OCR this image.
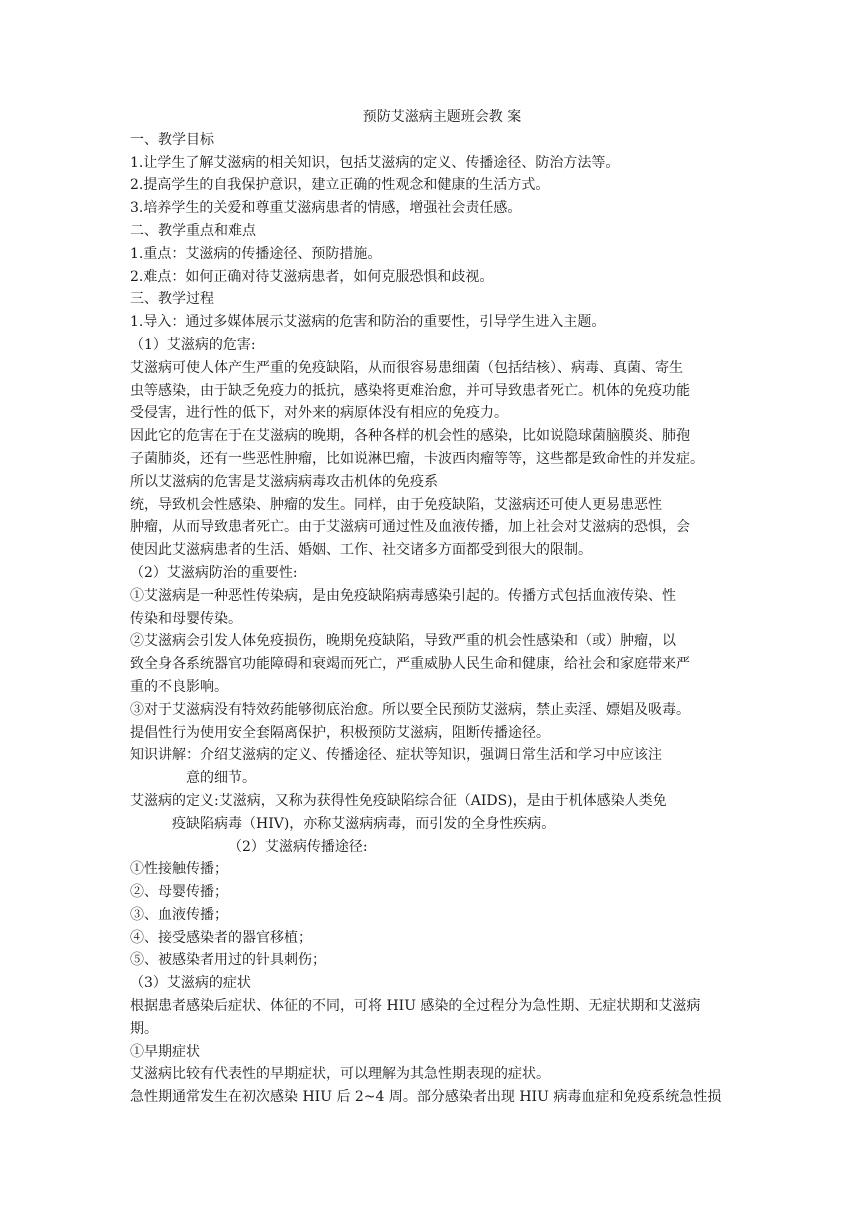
预防艾滋病主题班会教 案
一、教学目标
1.让学生了解艾滋病的相关知识，包括艾滋病的定义、传播途径、防治方法等。
2.提高学生的自我保护意识，建立正确的性观念和健康的生活方式。
3.培养学生的关爱和尊重艾滋病患者的情感，增强社会责任感。
二、教学重点和难点
1.重点：艾滋病的传播途径、预防措施。
2.难点：如何正确对待艾滋病患者，如何克服恐惧和歧视。
三、教学过程
1.导入：通过多媒体展示艾滋病的危害和防治的重要性，引导学生进入主题。
（1）艾滋病的危害:
艾滋病可使人体产生严重的免疫缺陷，从而很容易患细菌（包括结核）、病毒、真菌、寄生
虫等感染，由于缺乏免疫力的抵抗，感染将更难治愈，并可导致患者死亡。机体的免疫功能
受侵害，进行性的低下，对外来的病原体没有相应的免疫力。
因此它的危害在于在艾滋病的晚期，各种各样的机会性的感染，比如说隐球菌脑膜炎、肺孢
子菌肺炎，还有一些恶性肿瘤，比如说淋巴瘤，卡波西肉瘤等等，这些都是致命性的并发症。
所以艾滋病的危害是艾滋病病毒攻击机体的免疫系
统，导致机会性感染、肿瘤的发生。同样，由于免疫缺陷，艾滋病还可使人更易患恶性
肿瘤，从而导致患者死亡。由于艾滋病可通过性及血液传播，加上社会对艾滋病的恐惧，会
使因此艾滋病患者的生活、婚姻、工作、社交诸多方面都受到很大的限制。
（2）艾滋病防治的重要性:
①艾滋病是一种恶性传染病，是由免疫缺陷病毒感染引起的。传播方式包括血液传染、性
传染和母婴传染。
②艾滋病会引发人体免疫损伤，晚期免疫缺陷，导致严重的机会性感染和（或）肿瘤，以
致全身各系统器官功能障碍和衰竭而死亡，严重威胁人民生命和健康，给社会和家庭带来严
重的不良影响。
③对于艾滋病没有特效药能够彻底治愈。所以要全民预防艾滋病，禁止卖淫、嫖娼及吸毒。
提倡性行为使用安全套隔离保护，积极预防艾滋病，阻断传播途径。
知识讲解：介绍艾滋病的定义、传播途径、症状等知识，强调日常生活和学习中应该注
意的细节。
艾滋病的定义:艾滋病，又称为获得性免疫缺陷综合征（AIDS)，是由于机体感染人类免
疫缺陷病毒（HIV)，亦称艾滋病病毒，而引发的全身性疾病。
（2）艾滋病传播途径:
①性接触传播；
②、母婴传播；
③、血液传播；
④、接受感染者的器官移植；
⑤、被感染者用过的针具刺伤；
（3）艾滋病的症状
根据患者感染后症状、体征的不同，可将 HIU 感染的全过程分为急性期、无症状期和艾滋病
期。
①早期症状
艾滋病比较有代表性的早期症状，可以理解为其急性期表现的症状。
急性期通常发生在初次感染 HIU 后 2~4 周。部分感染者出现 HIU 病毒血症和免疫系统急性损
